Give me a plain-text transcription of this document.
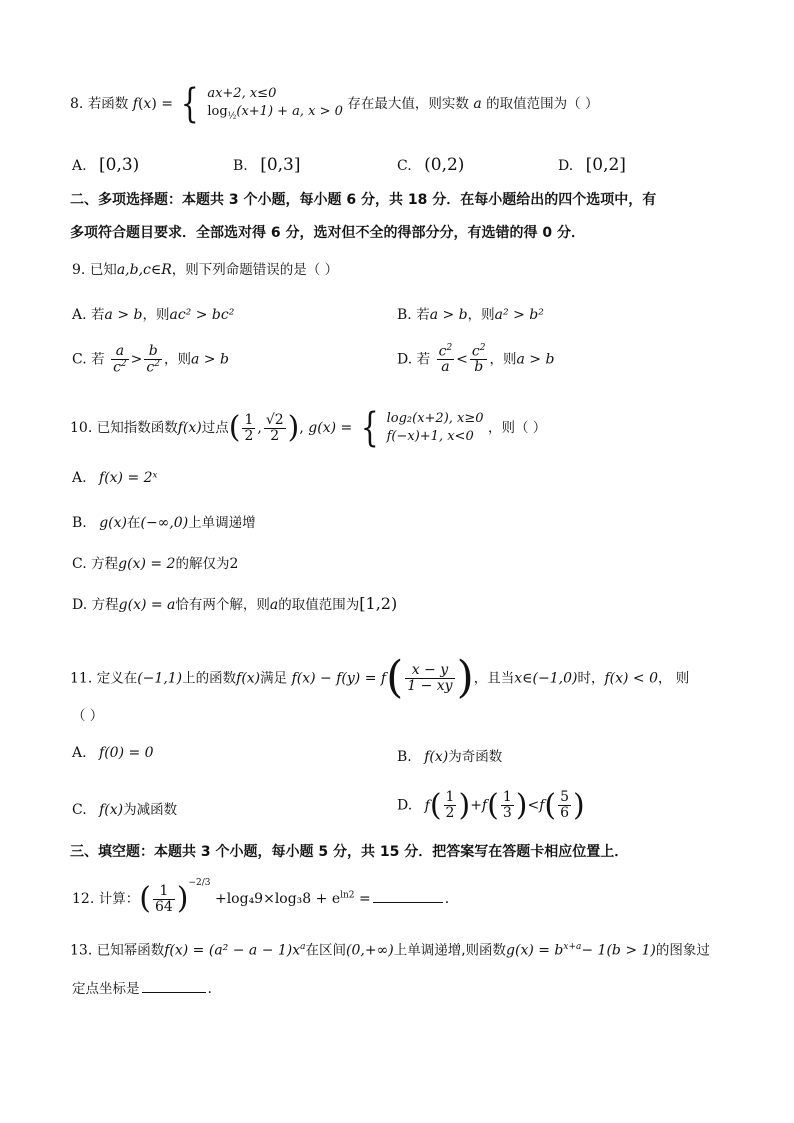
8. 若函数 f(x) = { ax+2, x≤0
$\log_{\frac{1}{2}}(x+1) + a$, x > 0 存在最大值，则实数 a 的取值范围为（ ）
A. [0,3)	B. [0,3]	C. (0,2)	D. [0,2]
二、多项选择题：本题共 3 个小题，每小题 6 分，共 18 分．在每小题给出的四个选项中，有
多项符合题目要求．全部选对得 6 分，选对但不全的得部分分，有选错的得 0 分．
9. 已知a,b,c∈R，则下列命题错误的是（ ）
A. 若a > b，则ac² > bc²	B. 若a > b，则a² > b²
C. 若 $\frac{a}{c^2} > \frac{b}{c^2}$ ，则a > b	D. 若 $\frac{c^2}{a} < \frac{c^2}{b}$ ，则a > b
10. 已知指数函数f(x)过点( $\frac{1}{2}$ , $\frac{√2}{2}$ ), g(x) = { log₂(x+2), x≥0
f(−x)+1, x<0
，则（ ）
A. f(x) = 2ˣ
B. g(x)在(−∞,0)上单调递增
C. 方程g(x) = 2的解仅为2
D. 方程g(x) = a恰有两个解，则a的取值范围为[1,2)
11. 定义在(−1,1)上的函数f(x)满足 $f(x) - f(y) = f( \frac{x - y}{1 - xy}$ )，且当x∈(−1,0)时，f(x) < 0， 则
（ ）
A. f(0) = 0	B. f(x)为奇函数
C. f(x)为减函数	D. $f( \frac{1}{2} )+f( \frac{1}{3} )<f( \frac{5}{6}$ )
三、填空题：本题共 3 个小题，每小题 5 分，共 15 分．把答案写在答题卡相应位置上．
12. 计算：( $\frac{1}{64} )^{-2/3} +\log_49\times\log_38 + e^{ln2}$ =	.
13. 已知幂函数$f(x) = (a^2 - a - 1)x^a$在区间(0,+∞)上单调递增,则函数$g(x) = b^{x+a}- 1(b > 1)$的图象过
定点坐标是	.
